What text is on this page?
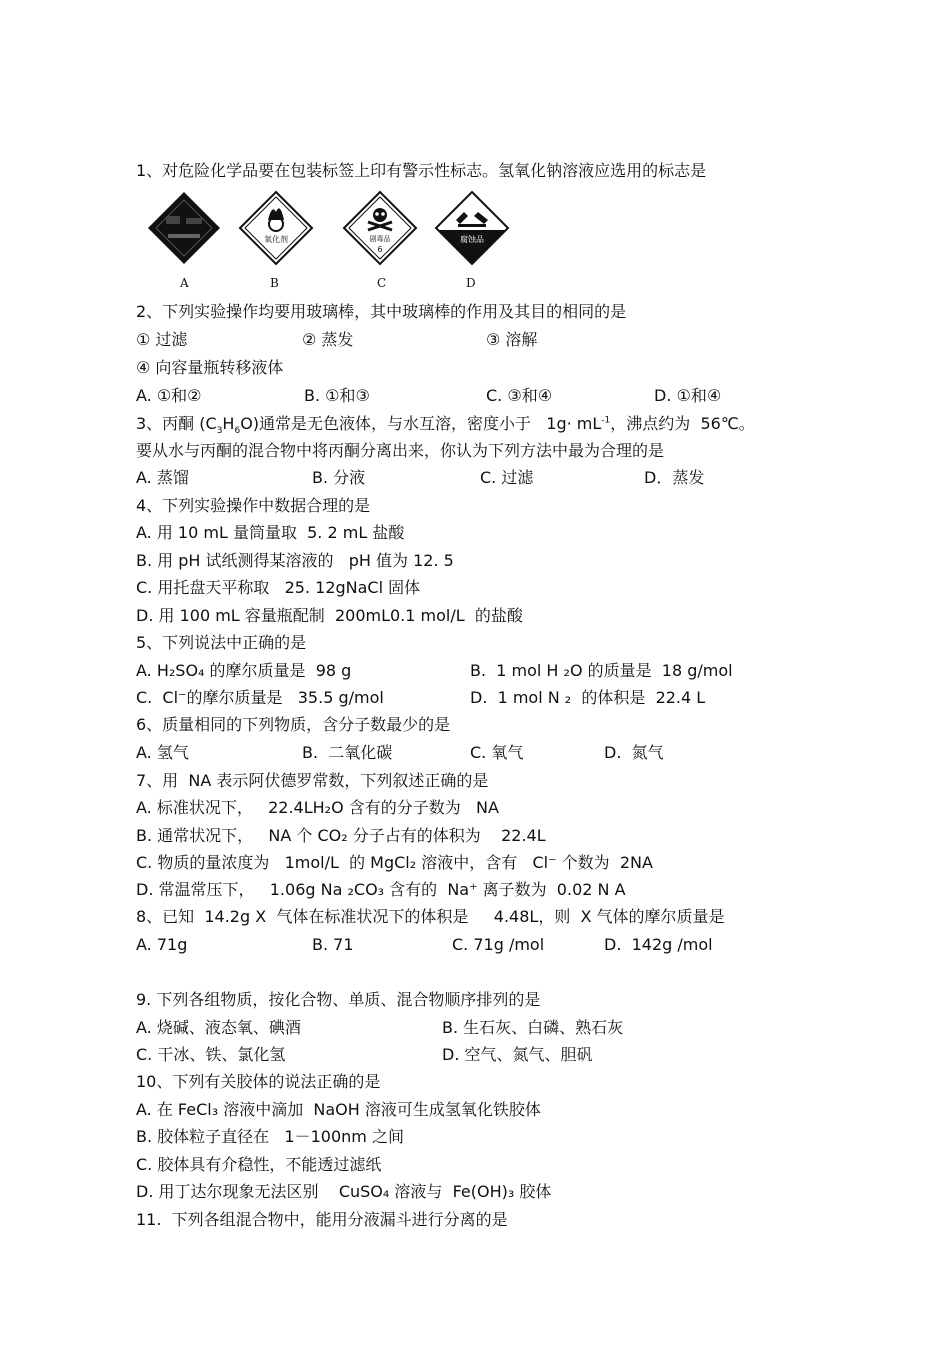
1、对危险化学品要在包装标签上印有警示性标志。氢氧化钠溶液应选用的标志是
A
氧化剂
B
剧毒品
6
C
腐蚀品
D
2、下列实验操作均要用玻璃棒，其中玻璃棒的作用及其目的相同的是
① 过滤	② 蒸发	③ 溶解
④ 向容量瓶转移液体
A. ①和②	B. ①和③	C. ③和④	D. ①和④
3、丙酮 $(C_3H_6O)$通常是无色液体，与水互溶，密度小于   $1g\cdot mL^{-1}$，沸点约为  56℃。
要从水与丙酮的混合物中将丙酮分离出来，你认为下列方法中最为合理的是
A. 蒸馏	B. 分液	C. 过滤	D．蒸发
4、下列实验操作中数据合理的是
A. 用 10 mL 量筒量取  5. 2 mL 盐酸
B. 用 pH 试纸测得某溶液的   pH 值为 12. 5
C. 用托盘天平称取   25. 12gNaCl 固体
D. 用 100 mL 容量瓶配制  200mL0.1 mol/L  的盐酸
5、下列说法中正确的是
A. H₂SO₄ 的摩尔质量是  98 g	B.  1 mol H ₂O 的质量是  18 g/mol
C.  Cl⁻的摩尔质量是   35.5 g/mol	D.  1 mol N ₂  的体积是  22.4 L
6、质量相同的下列物质，含分子数最少的是
A. 氢气	B.  二氧化碳	C. 氧气	D.  氮气
7、用  NA 表示阿伏德罗常数，下列叙述正确的是
A. 标准状况下，   22.4LH₂O 含有的分子数为   NA
B. 通常状况下，   NA 个 CO₂ 分子占有的体积为    22.4L
C. 物质的量浓度为   1mol/L  的 MgCl₂ 溶液中，含有   Cl⁻ 个数为  2NA
D. 常温常压下，   1.06g Na ₂CO₃ 含有的  Na⁺ 离子数为  0.02 N A
8、已知  14.2g X  气体在标准状况下的体积是     4.48L，则  X 气体的摩尔质量是
A. 71g	B. 71	C. 71g /mol	D.  142g /mol
9. 下列各组物质，按化合物、单质、混合物顺序排列的是
A. 烧碱、液态氧、碘酒	B. 生石灰、白磷、熟石灰
C. 干冰、铁、氯化氢	D. 空气、氮气、胆矾
10、下列有关胶体的说法正确的是
A. 在 FeCl₃ 溶液中滴加  NaOH 溶液可生成氢氧化铁胶体
B. 胶体粒子直径在   1－100nm 之间
C. 胶体具有介稳性，不能透过滤纸
D. 用丁达尔现象无法区别    CuSO₄ 溶液与  Fe(OH)₃ 胶体
11.  下列各组混合物中，能用分液漏斗进行分离的是
